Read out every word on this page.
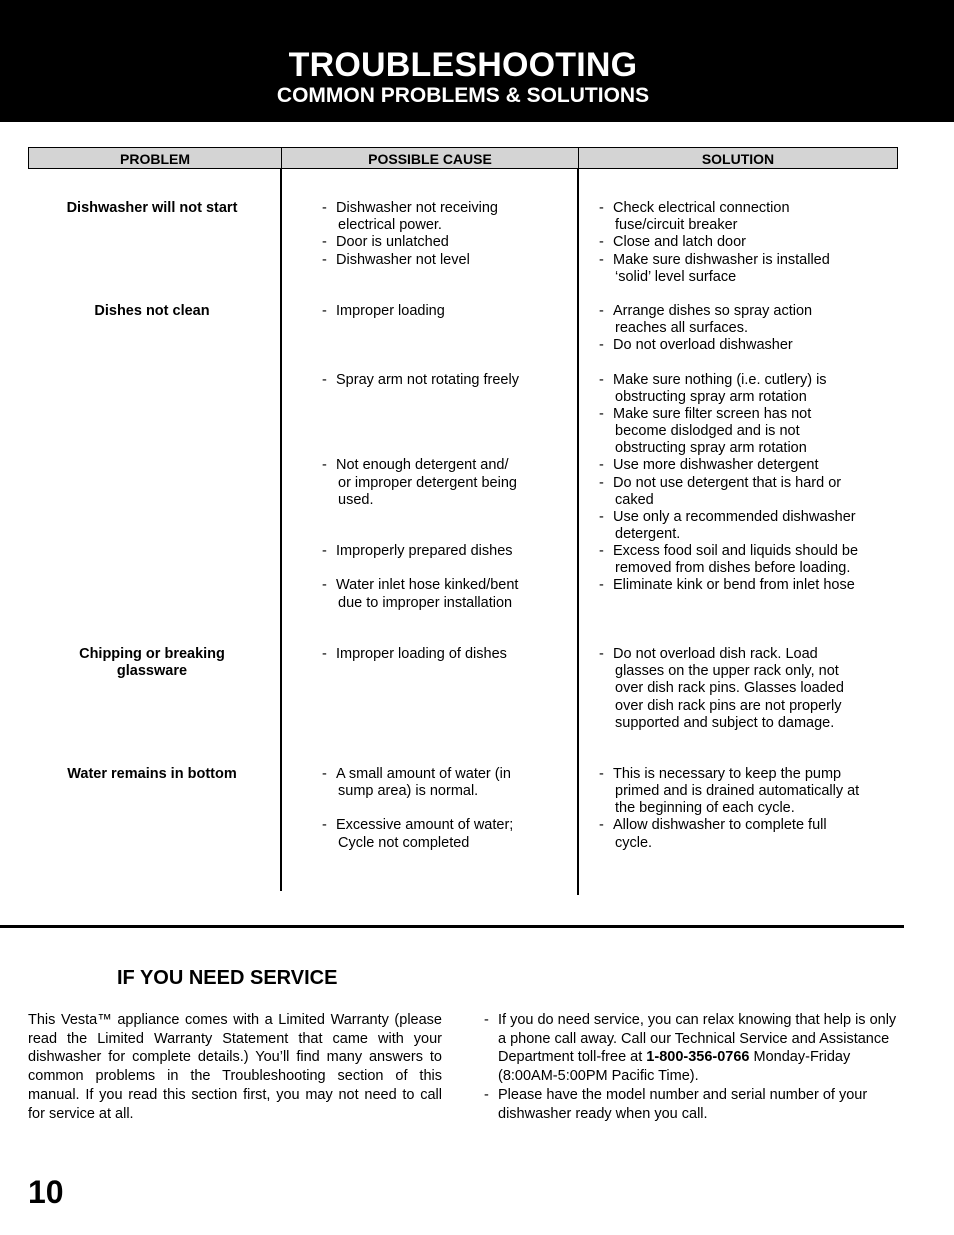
TROUBLESHOOTING
COMMON PROBLEMS & SOLUTIONS
PROBLEM	POSSIBLE CAUSE	SOLUTION
Dishwasher will not start
Dishes not clean
Chipping or breaking glassware
Water remains in bottom
- Dishwasher not receiving
electrical power.
- Door is unlatched
- Dishwasher not level
- Improper loading
- Spray arm not rotating freely
- Not enough detergent and/
or improper detergent being
used.
- Improperly prepared dishes
- Water inlet hose kinked/bent
due to improper installation
- Improper loading of dishes
- A small amount of water (in
sump area) is normal.
- Excessive amount of water;
Cycle not completed
- Check electrical connection
fuse/circuit breaker
- Close and latch door
- Make sure dishwasher is installed
‘solid’ level surface
- Arrange dishes so spray action
reaches all surfaces.
- Do not overload dishwasher
- Make sure nothing (i.e. cutlery) is
obstructing spray arm rotation
- Make sure filter screen has not
become dislodged and is not
obstructing spray arm rotation
- Use more dishwasher detergent
- Do not use detergent that is hard or
caked
- Use only a recommended dishwasher
detergent.
- Excess food soil and liquids should be
removed from dishes before loading.
- Eliminate kink or bend from inlet hose
- Do not overload dish rack. Load
glasses on the upper rack only, not
over dish rack pins. Glasses loaded
over dish rack pins are not properly
supported and subject to damage.
- This is necessary to keep the pump
primed and is drained automatically at
the beginning of each cycle.
- Allow dishwasher to complete full
cycle.
IF YOU NEED SERVICE
This Vesta™ appliance comes with a Limited Warranty (please read the Limited Warranty Statement that came with your dishwasher for complete details.) You’ll find many answers to common problems in the Troubleshooting section of this manual. If you read this section first, you may not need to call for service at all.
- If you do need service, you can relax knowing that help is only a phone call away. Call our Technical Service and Assistance Department toll-free at 1-800-356-0766 Monday-Friday (8:00AM-5:00PM Pacific Time).
- Please have the model number and serial number of your dishwasher ready when you call.
10
